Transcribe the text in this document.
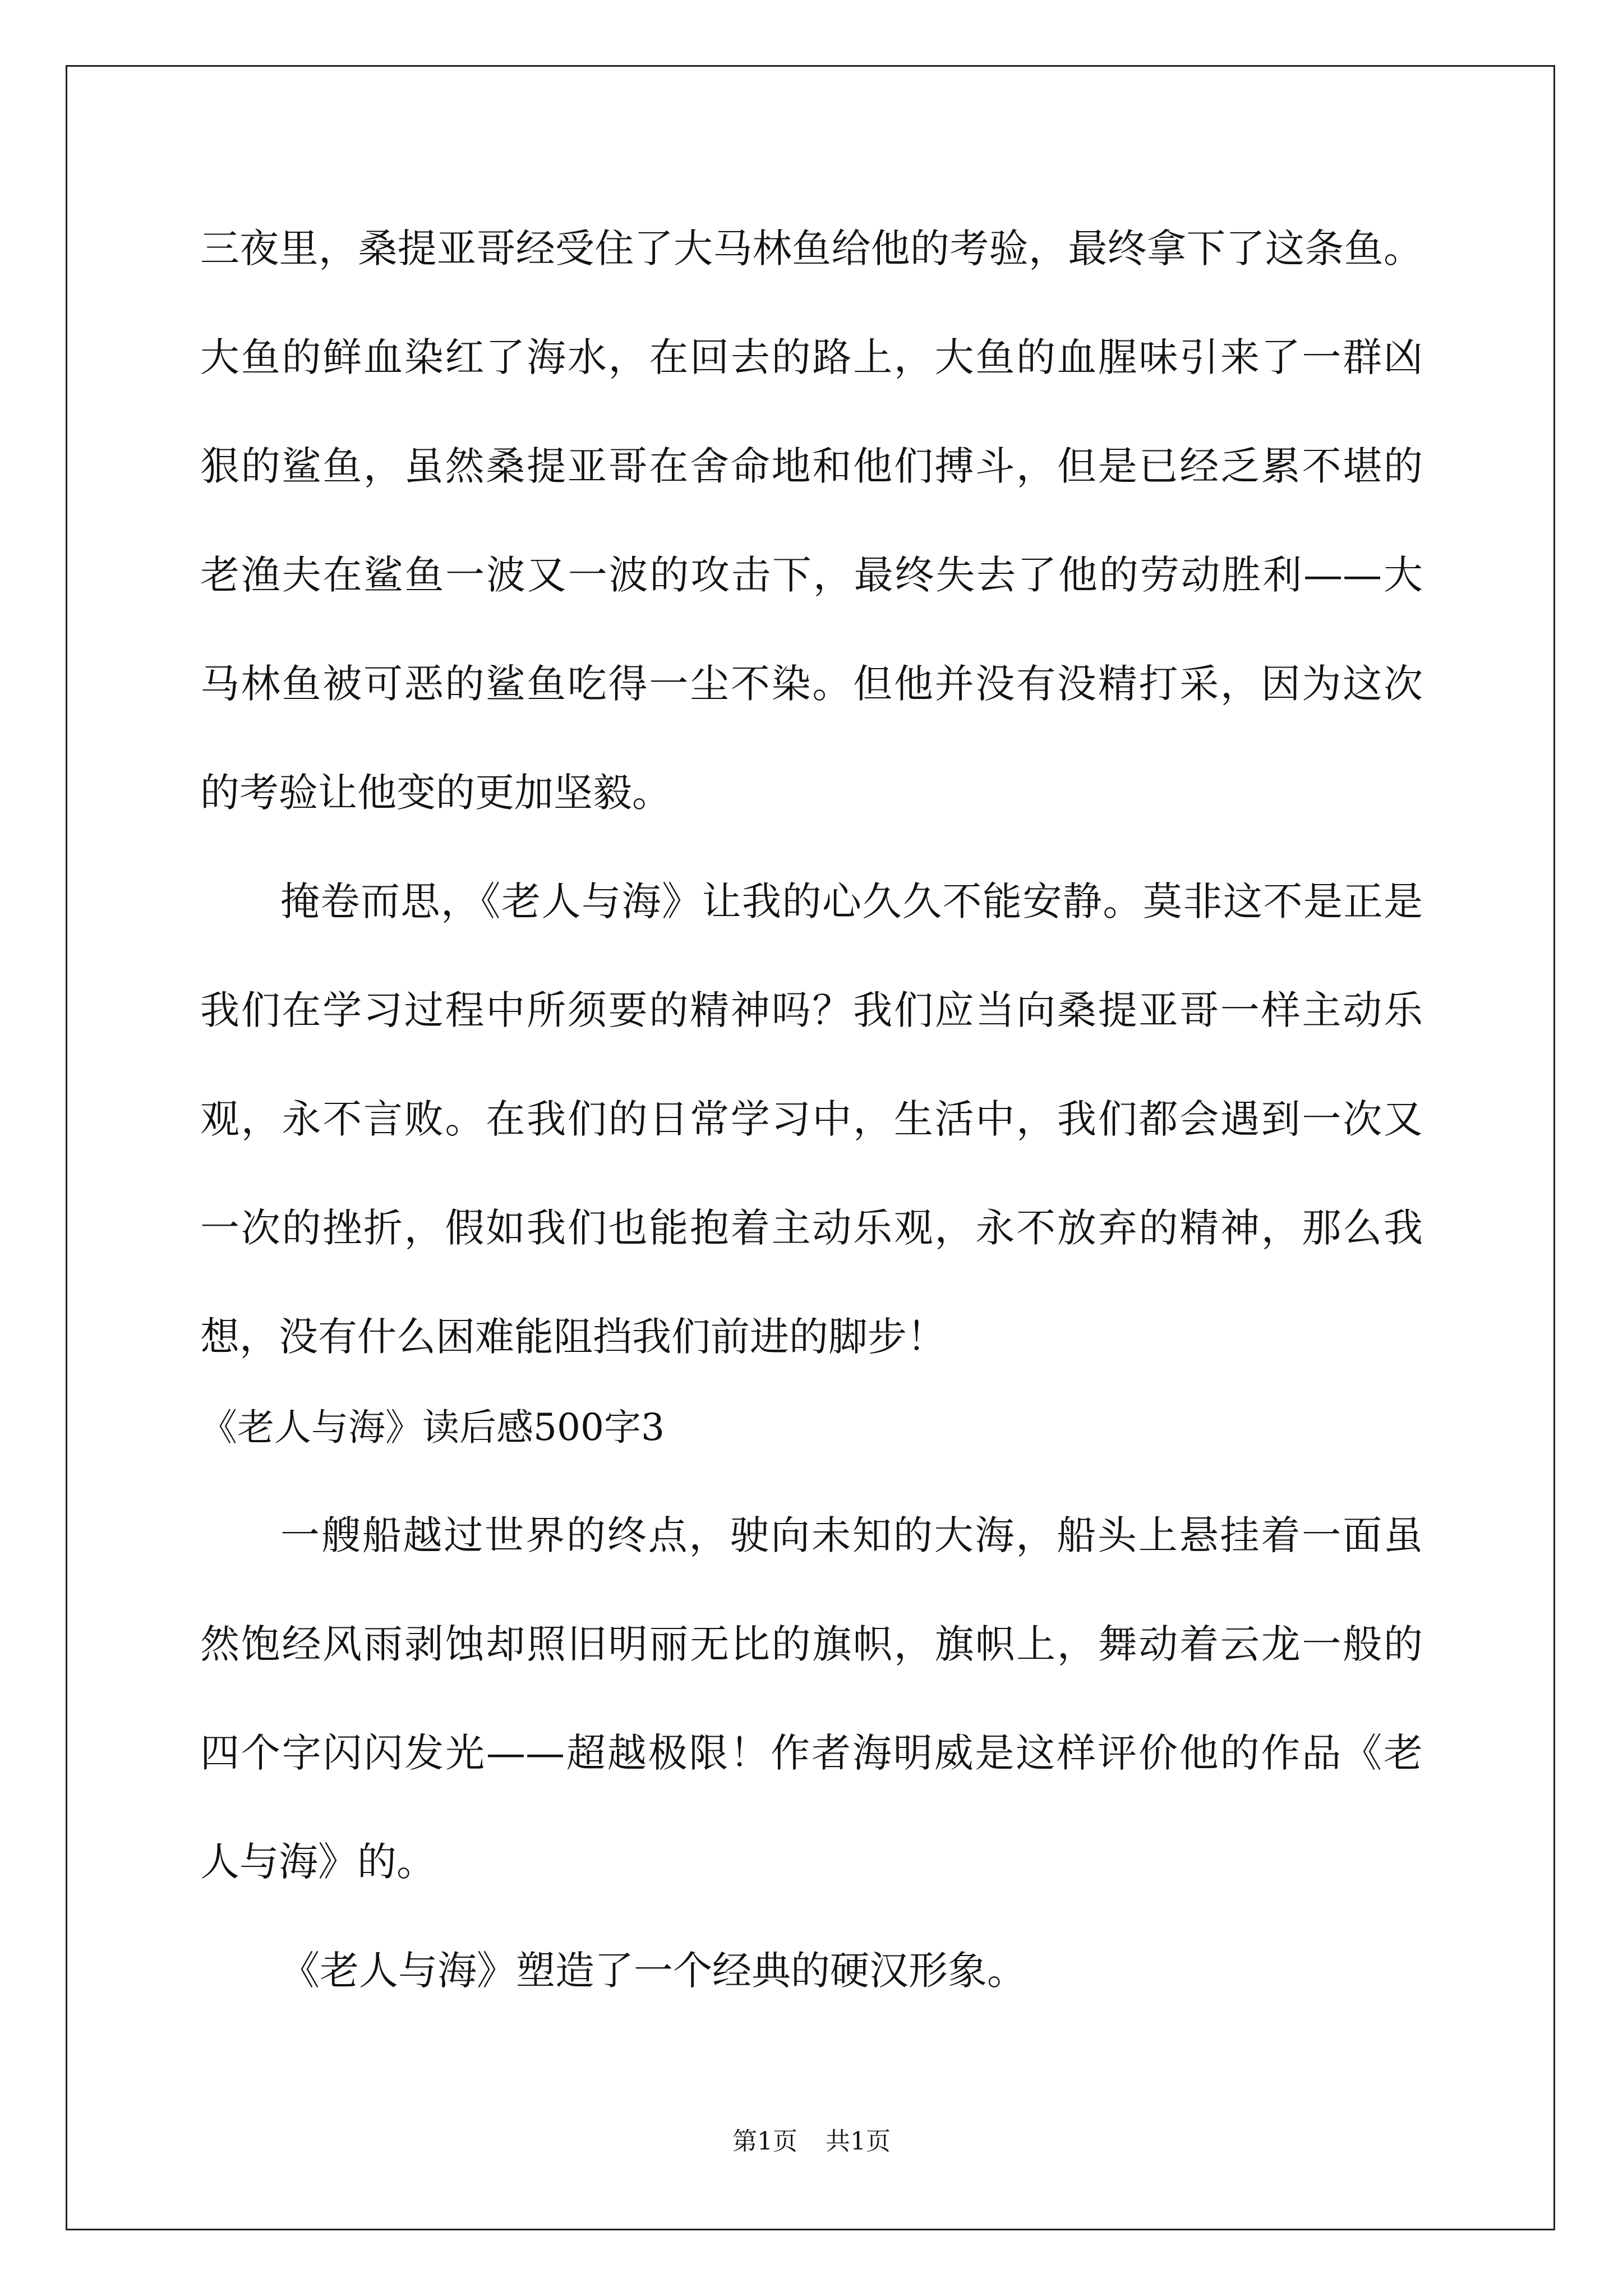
三夜里，桑提亚哥经受住了大马林鱼给他的考验，最终拿下了这条鱼。
大鱼的鲜血染红了海水，在回去的路上，大鱼的血腥味引来了一群凶
狠的鲨鱼，虽然桑提亚哥在舍命地和他们搏斗，但是已经乏累不堪的
老渔夫在鲨鱼一波又一波的攻击下，最终失去了他的劳动胜利——大
马林鱼被可恶的鲨鱼吃得一尘不染。但他并没有没精打采，因为这次
的考验让他变的更加坚毅。
掩卷而思，《老人与海》让我的心久久不能安静。莫非这不是正是
我们在学习过程中所须要的精神吗？我们应当向桑提亚哥一样主动乐
观，永不言败。在我们的日常学习中，生活中，我们都会遇到一次又
一次的挫折，假如我们也能抱着主动乐观，永不放弃的精神，那么我
想，没有什么困难能阻挡我们前进的脚步！
《老人与海》读后感500字3
一艘船越过世界的终点，驶向未知的大海，船头上悬挂着一面虽
然饱经风雨剥蚀却照旧明丽无比的旗帜，旗帜上，舞动着云龙一般的
四个字闪闪发光——超越极限！作者海明威是这样评价他的作品《老
人与海》的。
《老人与海》塑造了一个经典的硬汉形象。
第1页 共1页
